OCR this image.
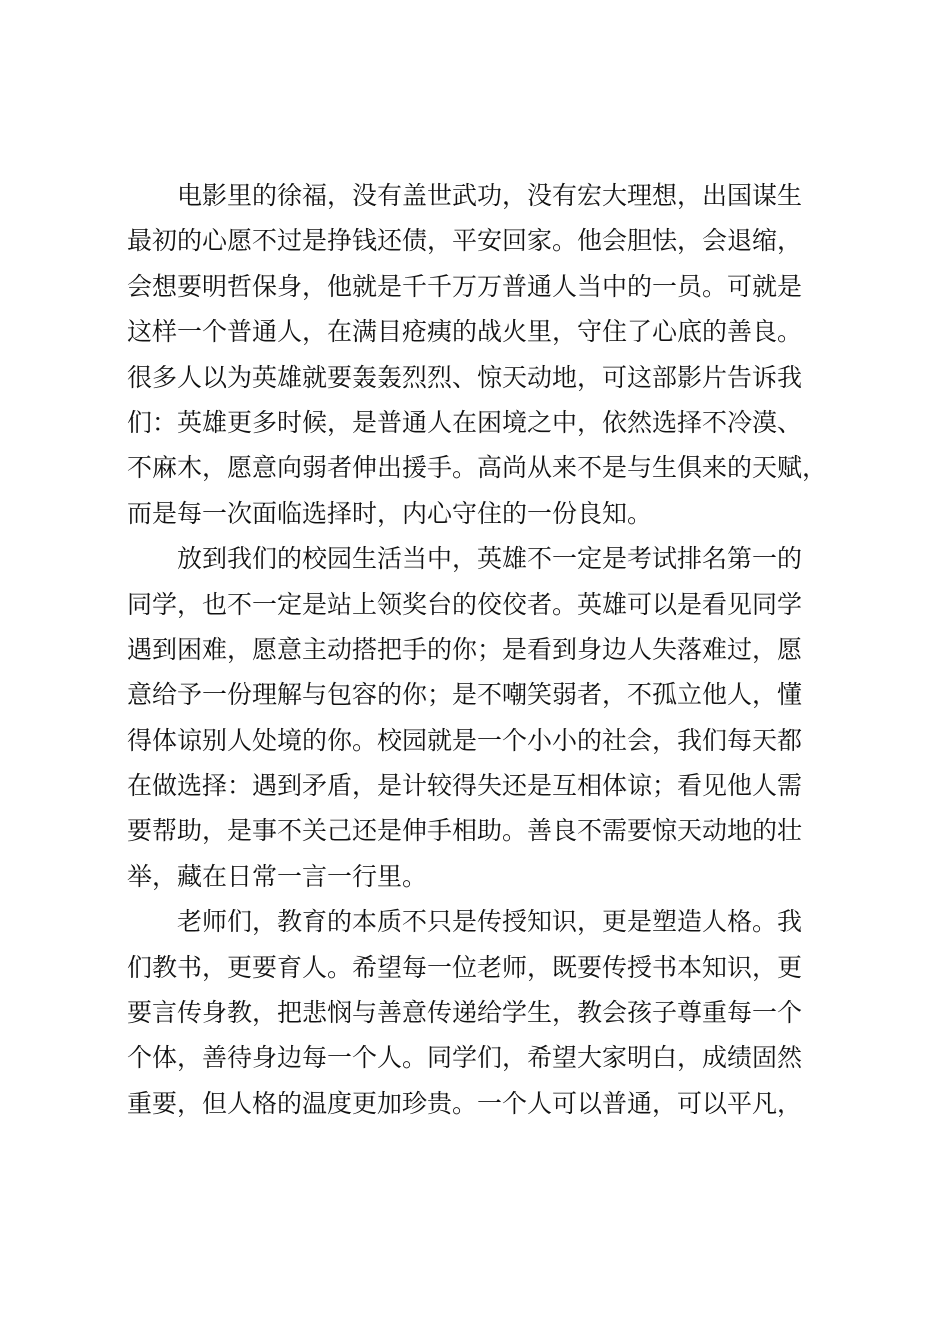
电影里的徐福，没有盖世武功，没有宏大理想，出国谋生
最初的心愿不过是挣钱还债，平安回家。他会胆怯，会退缩，
会想要明哲保身，他就是千千万万普通人当中的一员。可就是
这样一个普通人，在满目疮痍的战火里，守住了心底的善良。
很多人以为英雄就要轰轰烈烈、惊天动地，可这部影片告诉我
们：英雄更多时候，是普通人在困境之中，依然选择不冷漠、
不麻木，愿意向弱者伸出援手。高尚从来不是与生俱来的天赋，
而是每一次面临选择时，内心守住的一份良知。
放到我们的校园生活当中，英雄不一定是考试排名第一的
同学，也不一定是站上领奖台的佼佼者。英雄可以是看见同学
遇到困难，愿意主动搭把手的你；是看到身边人失落难过，愿
意给予一份理解与包容的你；是不嘲笑弱者，不孤立他人，懂
得体谅别人处境的你。校园就是一个小小的社会，我们每天都
在做选择：遇到矛盾，是计较得失还是互相体谅；看见他人需
要帮助，是事不关己还是伸手相助。善良不需要惊天动地的壮
举，藏在日常一言一行里。
老师们，教育的本质不只是传授知识，更是塑造人格。我
们教书，更要育人。希望每一位老师，既要传授书本知识，更
要言传身教，把悲悯与善意传递给学生，教会孩子尊重每一个
个体，善待身边每一个人。同学们，希望大家明白，成绩固然
重要，但人格的温度更加珍贵。一个人可以普通，可以平凡，
